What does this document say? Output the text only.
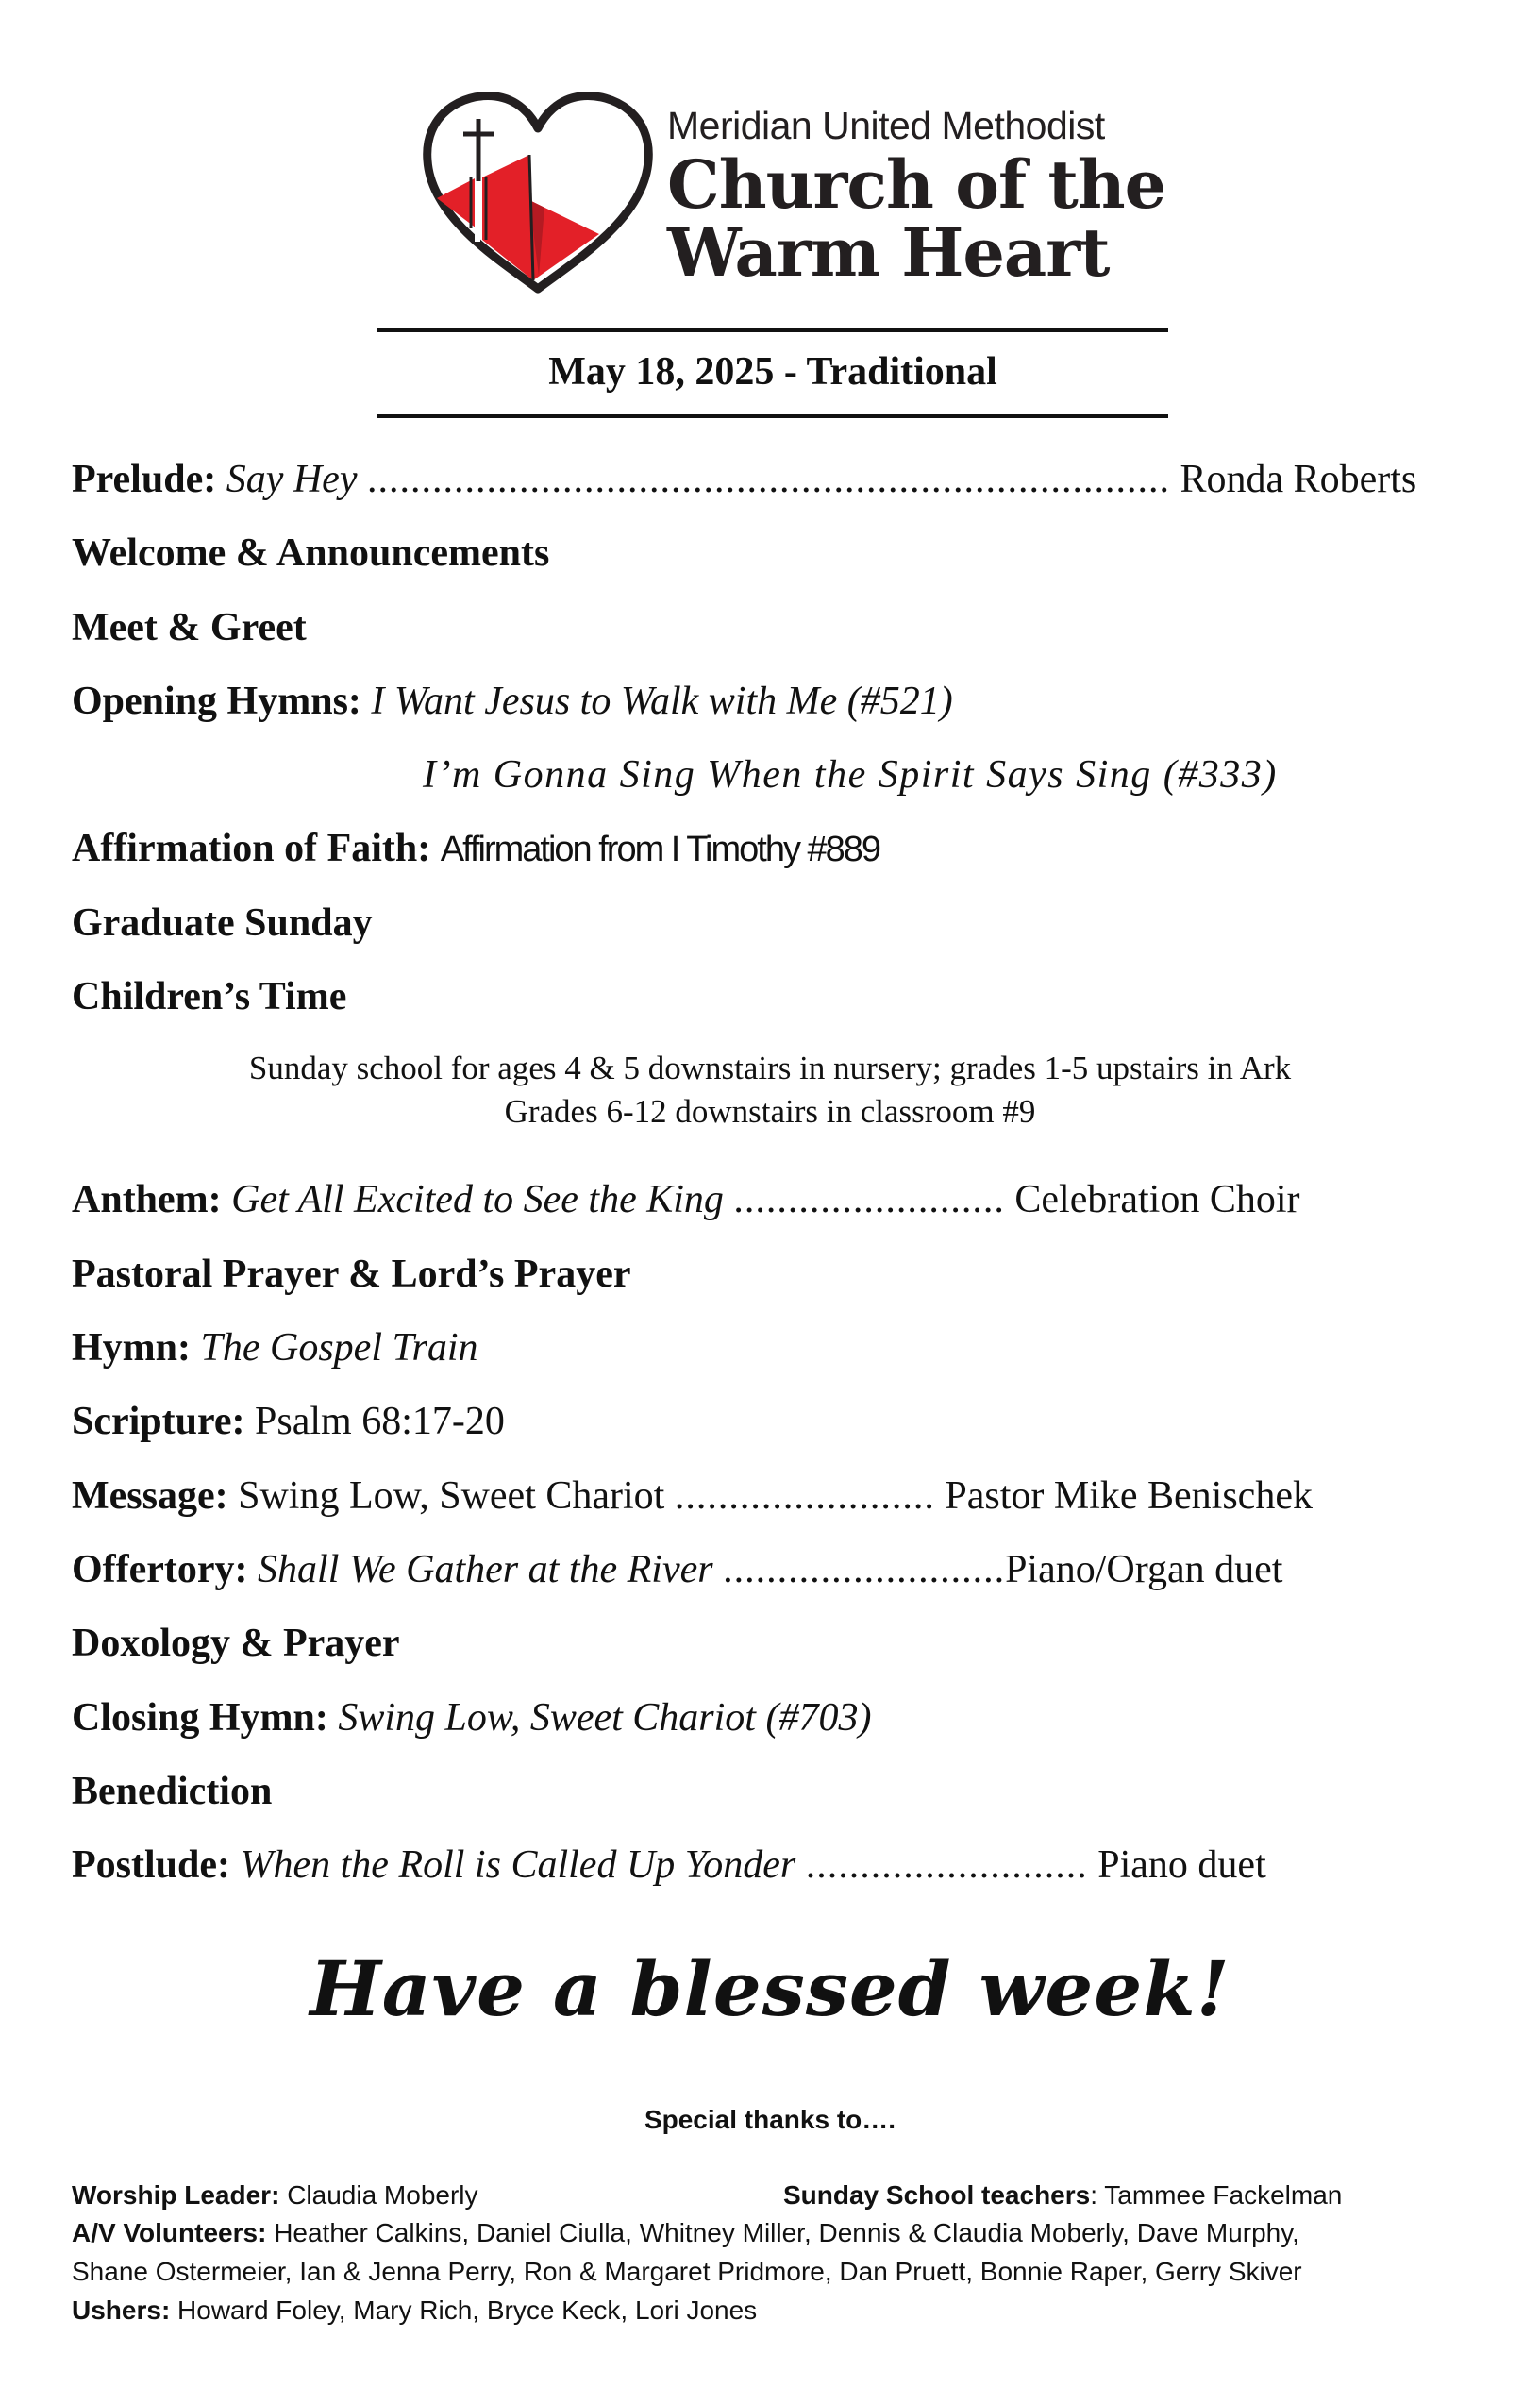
Meridian United Methodist
Church of the
Warm Heart
May 18, 2025 - Traditional
Prelude: Say Hey .......................................................................... Ronda Roberts
Welcome & Announcements
Meet & Greet
Opening Hymns: I Want Jesus to Walk with Me (#521)
I’m Gonna Sing When the Spirit Says Sing (#333)
Affirmation of Faith: Affirmation from I Timothy #889
Graduate Sunday
Children’s Time
Sunday school for ages 4 & 5 downstairs in nursery; grades 1-5 upstairs in Ark
Grades 6-12 downstairs in classroom #9
Anthem: Get All Excited to See the King ......................... Celebration Choir
Pastoral Prayer & Lord’s Prayer
Hymn: The Gospel Train
Scripture: Psalm 68:17-20
Message: Swing Low, Sweet Chariot ........................ Pastor Mike Benischek
Offertory: Shall We Gather at the River ..........................Piano/Organ duet
Doxology & Prayer
Closing Hymn: Swing Low, Sweet Chariot (#703)
Benediction
Postlude: When the Roll is Called Up Yonder .......................... Piano duet
Have a blessed week!
Special thanks to….
Worship Leader: Claudia Moberly	Sunday School teachers: Tammee Fackelman
A/V Volunteers: Heather Calkins, Daniel Ciulla, Whitney Miller, Dennis & Claudia Moberly, Dave Murphy,
Shane Ostermeier, Ian & Jenna Perry, Ron & Margaret Pridmore, Dan Pruett, Bonnie Raper, Gerry Skiver
Ushers: Howard Foley, Mary Rich, Bryce Keck, Lori Jones
